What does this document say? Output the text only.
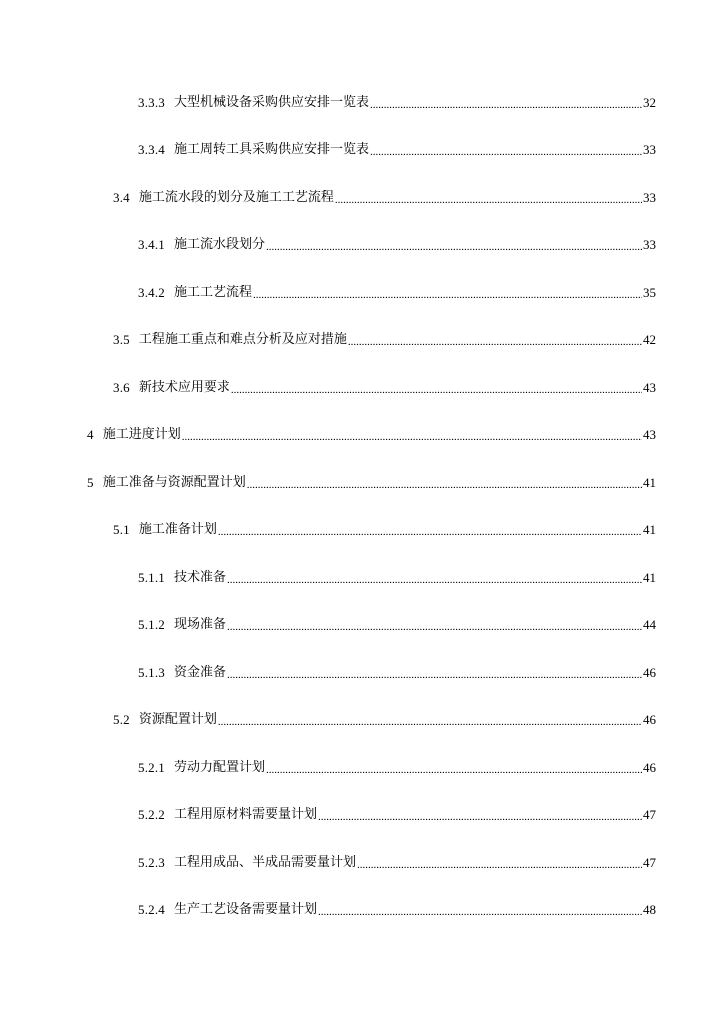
3.3.3 大型机械设备采购供应安排一览表 .....	32
3.3.4 施工周转工具采购供应安排一览表 .....	33
3.4 施工流水段的划分及施工工艺流程 .....	33
3.4.1 施工流水段划分 .....	33
3.4.2 施工工艺流程 .....	35
3.5 工程施工重点和难点分析及应对措施 .....	42
3.6 新技术应用要求 .....	43
4 施工进度计划 .....	43
5 施工准备与资源配置计划 .....	41
5.1 施工准备计划 .....	41
5.1.1 技术准备 .....	41
5.1.2 现场准备 .....	44
5.1.3 资金准备 .....	46
5.2 资源配置计划 .....	46
5.2.1 劳动力配置计划 .....	46
5.2.2 工程用原材料需要量计划 .....	47
5.2.3 工程用成品、半成品需要量计划 .....	47
5.2.4 生产工艺设备需要量计划 .....	48
